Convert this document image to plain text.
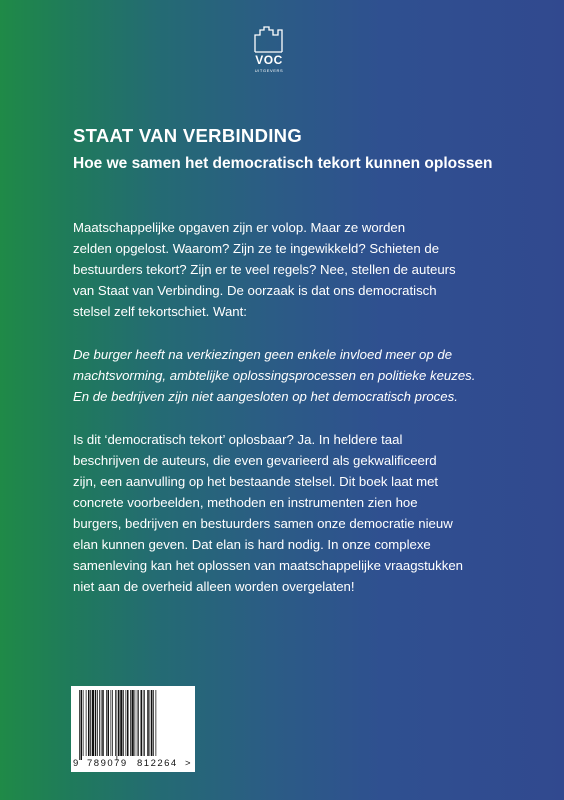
VOC
UITGEVERS
STAAT VAN VERBINDING
Hoe we samen het democratisch tekort kunnen oplossen

Maatschappelijke opgaven zijn er volop. Maar ze worden
zelden opgelost. Waarom? Zijn ze te ingewikkeld? Schieten de
bestuurders tekort? Zijn er te veel regels? Nee, stellen de auteurs
van Staat van Verbinding. De oorzaak is dat ons democratisch
stelsel zelf tekortschiet. Want:

De burger heeft na verkiezingen geen enkele invloed meer op de
machtsvorming, ambtelijke oplossingsprocessen en politieke keuzes.
En de bedrijven zijn niet aangesloten op het democratisch proces.

Is dit ‘democratisch tekort’ oplosbaar? Ja. In heldere taal
beschrijven de auteurs, die even gevarieerd als gekwalificeerd
zijn, een aanvulling op het bestaande stelsel. Dit boek laat met
concrete voorbeelden, methoden en instrumenten zien hoe
burgers, bedrijven en bestuurders samen onze democratie nieuw
elan kunnen geven. Dat elan is hard nodig. In onze complexe
samenleving kan het oplossen van maatschappelijke vraagstukken
niet aan de overheid alleen worden overgelaten!

9 789079 812264 >
